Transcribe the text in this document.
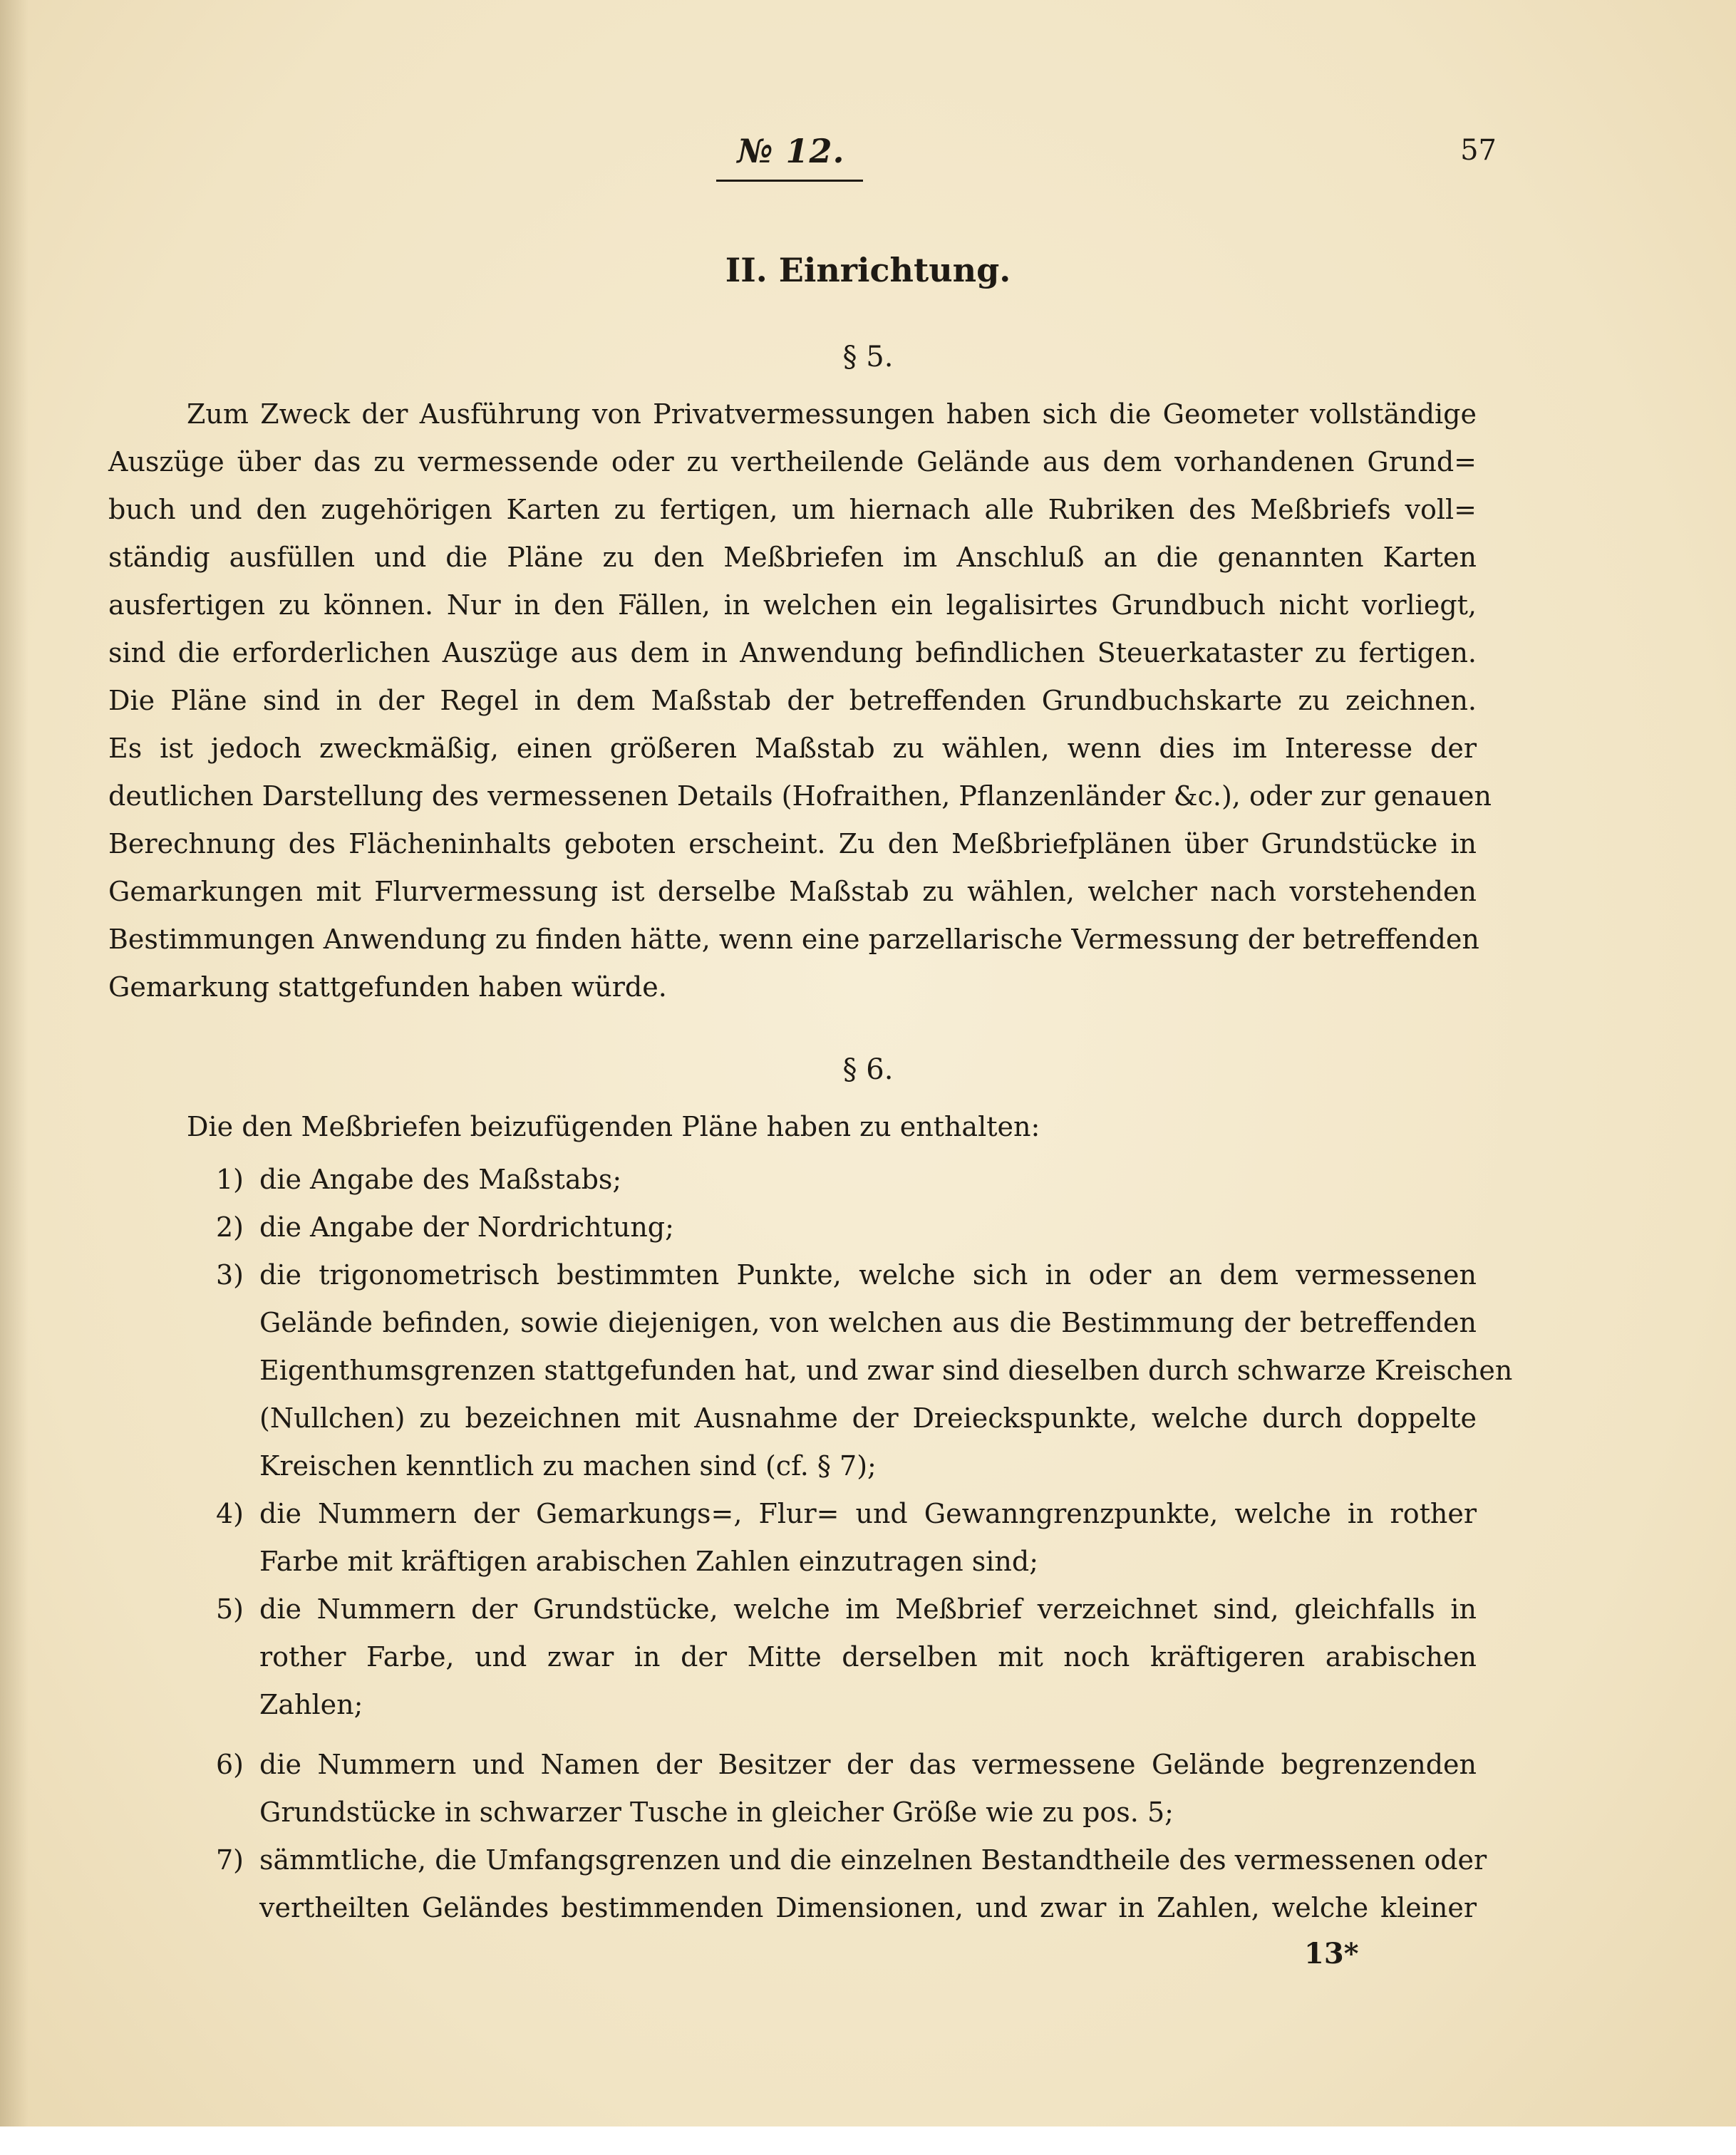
№ 12.	57
II. Einrichtung.
§ 5.
Zum Zweck der Ausführung von Privatvermessungen haben sich die Geometer vollständige
Auszüge über das zu vermessende oder zu vertheilende Gelände aus dem vorhandenen Grund=
buch und den zugehörigen Karten zu fertigen, um hiernach alle Rubriken des Meßbriefs voll=
ständig ausfüllen und die Pläne zu den Meßbriefen im Anschluß an die genannten Karten
ausfertigen zu können. Nur in den Fällen, in welchen ein legalisirtes Grundbuch nicht vorliegt,
sind die erforderlichen Auszüge aus dem in Anwendung befindlichen Steuerkataster zu fertigen.
Die Pläne sind in der Regel in dem Maßstab der betreffenden Grundbuchskarte zu zeichnen.
Es ist jedoch zweckmäßig, einen größeren Maßstab zu wählen, wenn dies im Interesse der
deutlichen Darstellung des vermessenen Details (Hofraithen, Pflanzenländer &c.), oder zur genauen
Berechnung des Flächeninhalts geboten erscheint. Zu den Meßbriefplänen über Grundstücke in
Gemarkungen mit Flurvermessung ist derselbe Maßstab zu wählen, welcher nach vorstehenden
Bestimmungen Anwendung zu finden hätte, wenn eine parzellarische Vermessung der betreffenden
Gemarkung stattgefunden haben würde.
§ 6.
Die den Meßbriefen beizufügenden Pläne haben zu enthalten:
1) die Angabe des Maßstabs;
2) die Angabe der Nordrichtung;
3) die trigonometrisch bestimmten Punkte, welche sich in oder an dem vermessenen
Gelände befinden, sowie diejenigen, von welchen aus die Bestimmung der betreffenden
Eigenthumsgrenzen stattgefunden hat, und zwar sind dieselben durch schwarze Kreischen
(Nullchen) zu bezeichnen mit Ausnahme der Dreieckspunkte, welche durch doppelte
Kreischen kenntlich zu machen sind (cf. § 7);
4) die Nummern der Gemarkungs=, Flur= und Gewanngrenzpunkte, welche in rother
Farbe mit kräftigen arabischen Zahlen einzutragen sind;
5) die Nummern der Grundstücke, welche im Meßbrief verzeichnet sind, gleichfalls in
rother Farbe, und zwar in der Mitte derselben mit noch kräftigeren arabischen
Zahlen;
6) die Nummern und Namen der Besitzer der das vermessene Gelände begrenzenden
Grundstücke in schwarzer Tusche in gleicher Größe wie zu pos. 5;
7) sämmtliche, die Umfangsgrenzen und die einzelnen Bestandtheile des vermessenen oder
vertheilten Geländes bestimmenden Dimensionen, und zwar in Zahlen, welche kleiner
13*
